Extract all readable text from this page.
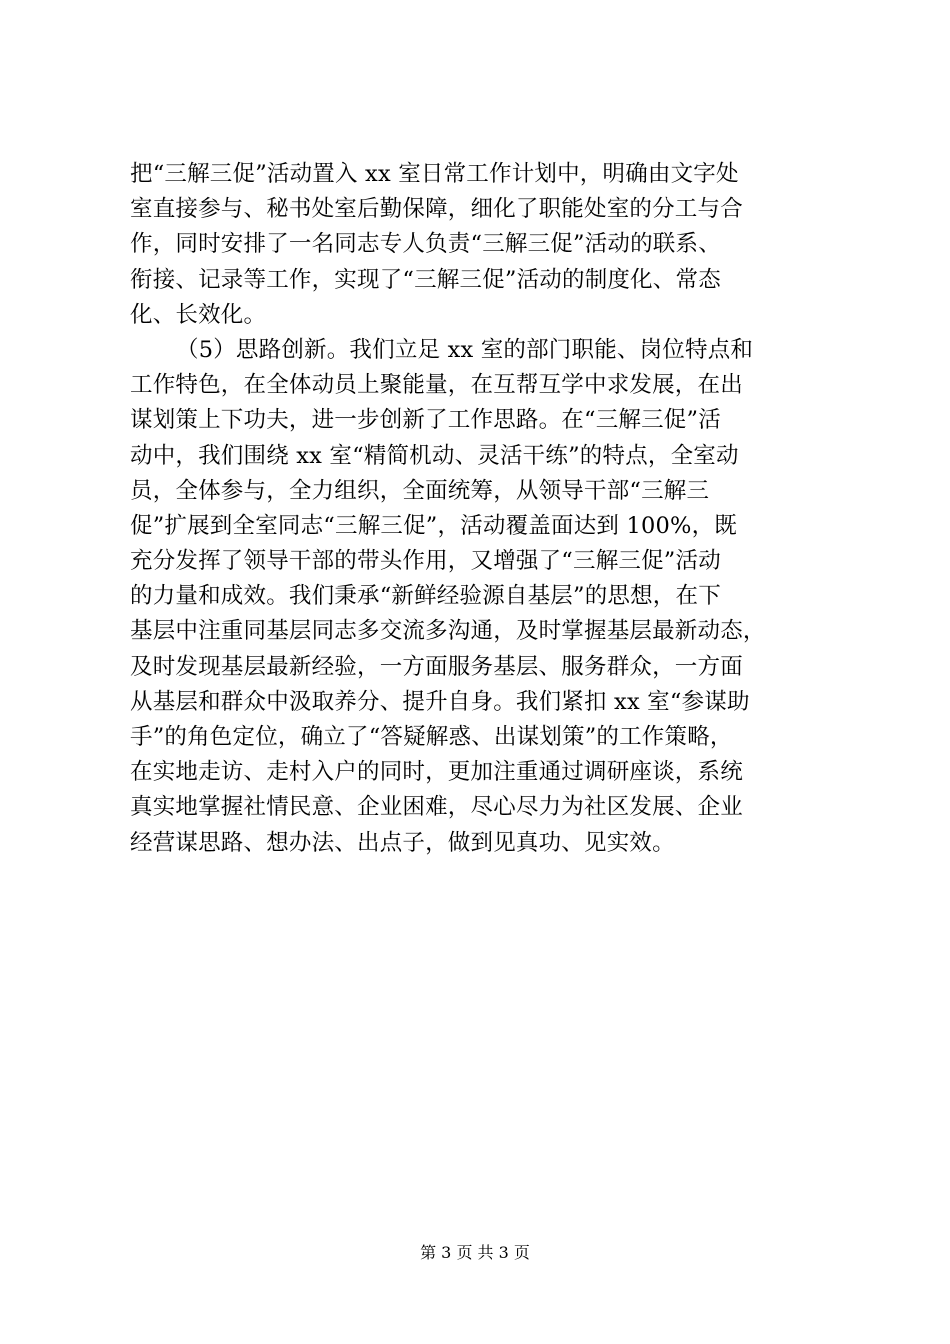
把“三解三促”活动置入 xx 室日常工作计划中，明确由文字处
室直接参与、秘书处室后勤保障，细化了职能处室的分工与合
作，同时安排了一名同志专人负责“三解三促”活动的联系、
衔接、记录等工作，实现了“三解三促”活动的制度化、常态
化、长效化。
（5）思路创新。我们立足 xx 室的部门职能、岗位特点和
工作特色，在全体动员上聚能量，在互帮互学中求发展，在出
谋划策上下功夫，进一步创新了工作思路。在“三解三促”活
动中，我们围绕 xx 室“精简机动、灵活干练”的特点，全室动
员，全体参与，全力组织，全面统筹，从领导干部“三解三
促”扩展到全室同志“三解三促”，活动覆盖面达到 100%，既
充分发挥了领导干部的带头作用，又增强了“三解三促”活动
的力量和成效。我们秉承“新鲜经验源自基层”的思想，在下
基层中注重同基层同志多交流多沟通，及时掌握基层最新动态，
及时发现基层最新经验，一方面服务基层、服务群众，一方面
从基层和群众中汲取养分、提升自身。我们紧扣 xx 室“参谋助
手”的角色定位，确立了“答疑解惑、出谋划策”的工作策略，
在实地走访、走村入户的同时，更加注重通过调研座谈，系统
真实地掌握社情民意、企业困难，尽心尽力为社区发展、企业
经营谋思路、想办法、出点子，做到见真功、见实效。
第 3 页 共 3 页
